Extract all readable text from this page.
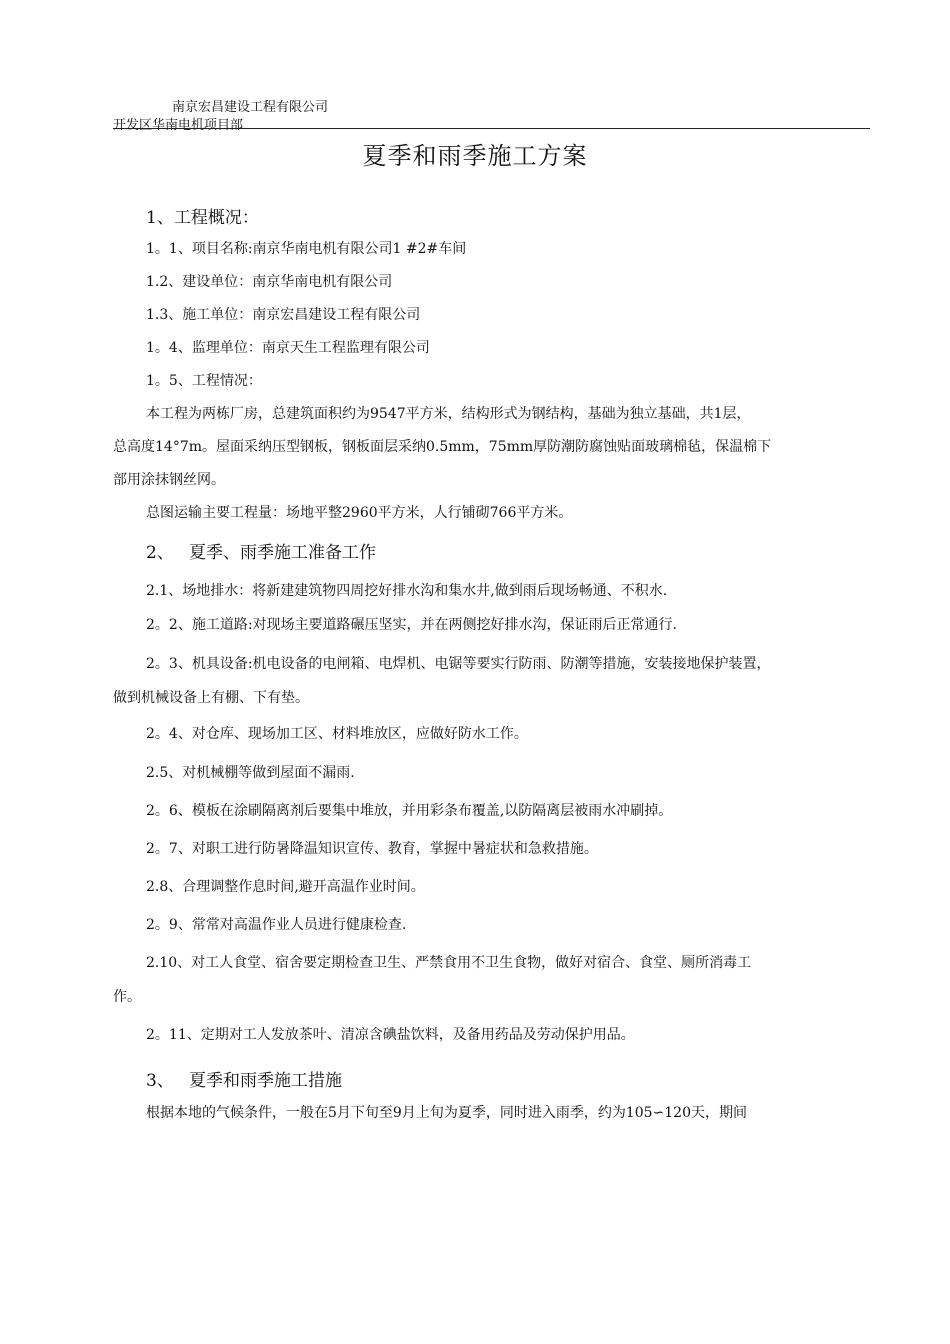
南京宏昌建设工程有限公司
开发区华南电机项目部
夏季和雨季施工方案
1、工程概况：
1。1、项目名称:南京华南电机有限公司1 #2#车间
1.2、建设单位：南京华南电机有限公司
1.3、施工单位：南京宏昌建设工程有限公司
1。4、监理单位：南京天生工程监理有限公司
1。5、工程情况：
本工程为两栋厂房，总建筑面积约为9547平方米，结构形式为钢结构，基础为独立基础，共1层，
总高度14°7m。屋面采纳压型钢板，钢板面层采纳0.5mm，75mm厚防潮防腐蚀贴面玻璃棉毡，保温棉下
部用涂抹钢丝网。
总图运输主要工程量：场地平整2960平方米，人行铺砌766平方米。
2、 夏季、雨季施工准备工作
2.1、场地排水：将新建建筑物四周挖好排水沟和集水井,做到雨后现场畅通、不积水.
2。2、施工道路:对现场主要道路碾压坚实，并在两侧挖好排水沟，保证雨后正常通行.
2。3、机具设备:机电设备的电闸箱、电焊机、电锯等要实行防雨、防潮等措施，安装接地保护装置，
做到机械设备上有棚、下有垫。
2。4、对仓库、现场加工区、材料堆放区，应做好防水工作。
2.5、对机械棚等做到屋面不漏雨.
2。6、模板在涂刷隔离剂后要集中堆放，并用彩条布覆盖,以防隔离层被雨水冲刷掉。
2。7、对职工进行防暑降温知识宣传、教育，掌握中暑症状和急救措施。
2.8、合理调整作息时间,避开高温作业时间。
2。9、常常对高温作业人员进行健康检查.
2.10、对工人食堂、宿舍要定期检查卫生、严禁食用不卫生食物，做好对宿合、食堂、厕所消毒工
作。
2。11、定期对工人发放茶叶、清凉含碘盐饮料，及备用药品及劳动保护用品。
3、 夏季和雨季施工措施
根据本地的气候条件，一般在5月下旬至9月上旬为夏季，同时进入雨季，约为105∽120天，期间
